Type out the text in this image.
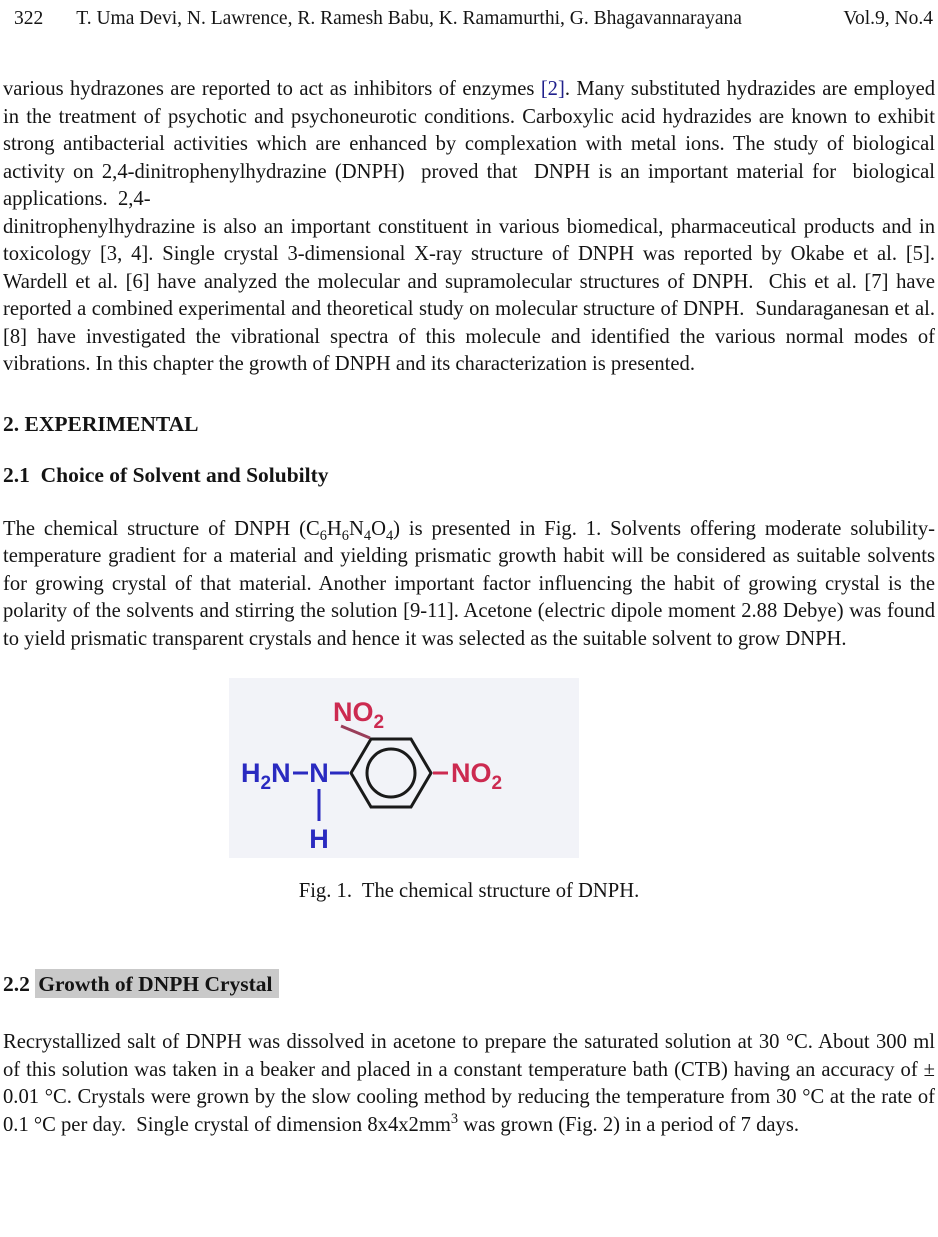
322 T. Uma Devi, N. Lawrence, R. Ramesh Babu, K. Ramamurthi, G. Bhagavannarayana	Vol.9, No.4

various hydrazones are reported to act as inhibitors of enzymes [2]. Many substituted hydrazides are employed in the treatment of psychotic and psychoneurotic conditions. Carboxylic acid hydrazides are known to exhibit strong antibacterial activities which are enhanced by complexation with metal ions. The study of biological activity on 2,4-dinitrophenylhydrazine (DNPH)  proved that  DNPH is an important material for  biological applications.  2,4-
dinitrophenylhydrazine is also an important constituent in various biomedical, pharmaceutical products and in toxicology [3, 4]. Single crystal 3-dimensional X-ray structure of DNPH was reported by Okabe et al. [5]. Wardell et al. [6] have analyzed the molecular and supramolecular structures of DNPH.  Chis et al. [7] have reported a combined experimental and theoretical study on molecular structure of DNPH.  Sundaraganesan et al. [8] have investigated the vibrational spectra of this molecule and identified the various normal modes of vibrations. In this chapter the growth of DNPH and its characterization is presented.

2. EXPERIMENTAL
2.1  Choice of Solvent and Solubilty

The chemical structure of DNPH $(C_6H_6N_4O_4)$ is presented in Fig. 1. Solvents offering moderate solubility-temperature gradient for a material and yielding prismatic growth habit will be considered as suitable solvents for growing crystal of that material. Another important factor influencing the habit of growing crystal is the polarity of the solvents and stirring the solution [9-11]. Acetone (electric dipole moment 2.88 Debye) was found to yield prismatic transparent crystals and hence it was selected as the suitable solvent to grow DNPH.

$H_2N$ N
H
$NO_2$
$NO_2$
Fig. 1.  The chemical structure of DNPH.
2.2 Growth of DNPH Crystal

Recrystallized salt of DNPH was dissolved in acetone to prepare the saturated solution at 30 °C. About 300 ml of this solution was taken in a beaker and placed in a constant temperature bath (CTB) having an accuracy of ± 0.01 °C. Crystals were grown by the slow cooling method by reducing the temperature from 30 °C at the rate of 0.1 °C per day.  Single crystal of dimension $8x4x2mm^3$ was grown (Fig. 2) in a period of 7 days.
